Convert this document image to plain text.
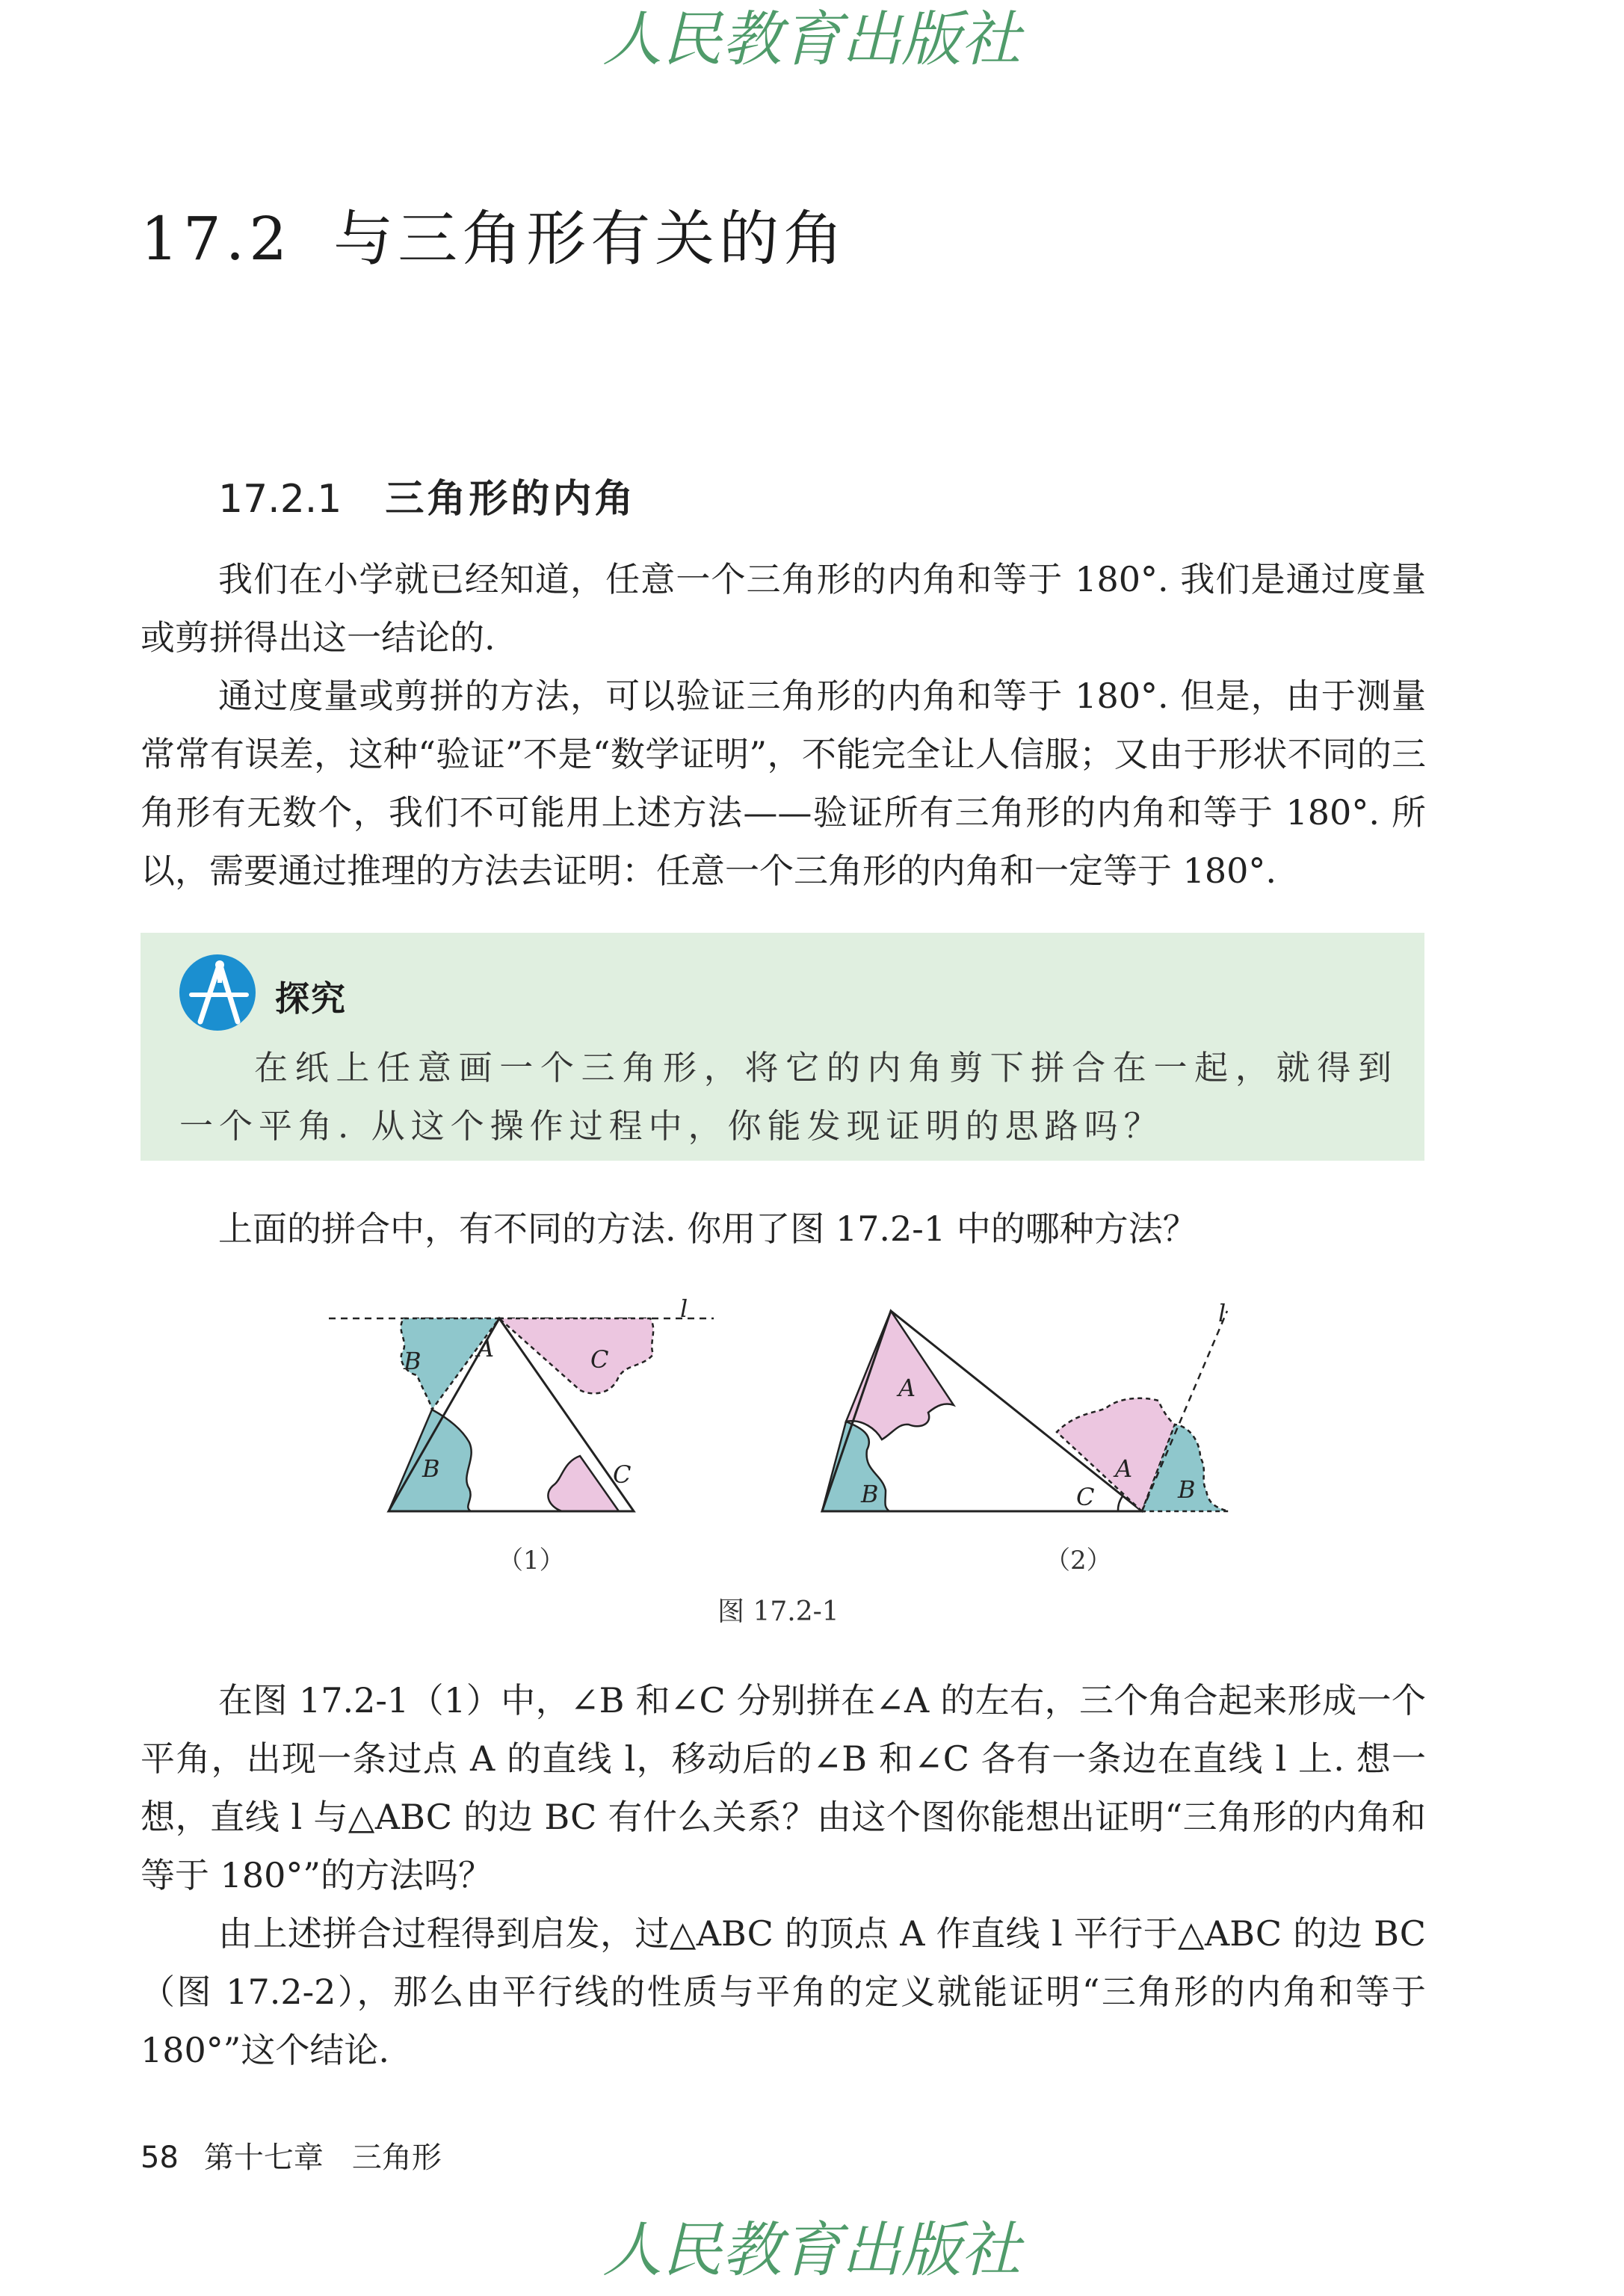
人民教育出版社
17.2 与三角形有关的角
17.2.1 三角形的内角
我们在小学就已经知道，任意一个三角形的内角和等于 180°. 我们是通过度量或剪拼得出这一结论的.
通过度量或剪拼的方法，可以验证三角形的内角和等于 180°. 但是，由于测量常常有误差，这种“验证”不是“数学证明”，不能完全让人信服；又由于形状不同的三角形有无数个，我们不可能用上述方法——验证所有三角形的内角和等于 180°. 所以，需要通过推理的方法去证明：任意一个三角形的内角和一定等于 180°.
探究
在纸上任意画一个三角形，将它的内角剪下拼合在一起，就得到一个平角. 从这个操作过程中，你能发现证明的思路吗？
上面的拼合中，有不同的方法. 你用了图 17.2-1 中的哪种方法？
A
l
B	C
B	C
A
B	C
A
B
l
（1）	（2）
图 17.2-1
在图 17.2-1（1）中，∠B 和∠C 分别拼在∠A 的左右，三个角合起来形成一个平角，出现一条过点 A 的直线 l，移动后的∠B 和∠C 各有一条边在直线 l 上. 想一想，直线 l 与△ABC 的边 BC 有什么关系？由这个图你能想出证明“三角形的内角和等于 180°”的方法吗？
由上述拼合过程得到启发，过△ABC 的顶点 A 作直线 l 平行于△ABC 的边 BC（图 17.2-2），那么由平行线的性质与平角的定义就能证明“三角形的内角和等于 180°”这个结论.
58 第十七章 三角形
人民教育出版社
